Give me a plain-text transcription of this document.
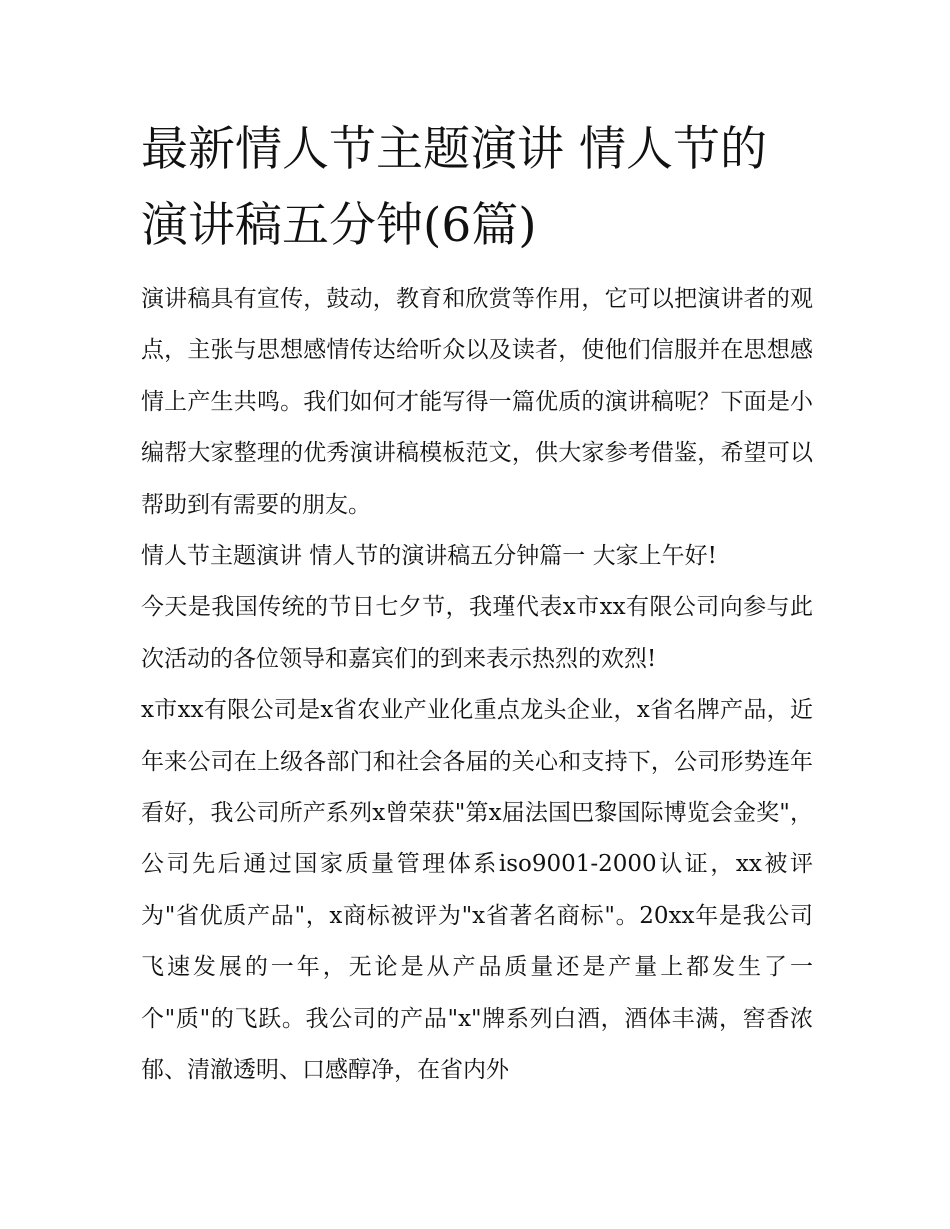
最新情人节主题演讲 情人节的演讲稿五分钟(6篇)

演讲稿具有宣传，鼓动，教育和欣赏等作用，它可以把演讲者的观点，主张与思想感情传达给听众以及读者，使他们信服并在思想感情上产生共鸣。我们如何才能写得一篇优质的演讲稿呢？下面是小编帮大家整理的优秀演讲稿模板范文，供大家参考借鉴，希望可以帮助到有需要的朋友。

情人节主题演讲 情人节的演讲稿五分钟篇一 大家上午好!

今天是我国传统的节日七夕节，我瑾代表x市xx有限公司向参与此次活动的各位领导和嘉宾们的到来表示热烈的欢烈!

x市xx有限公司是x省农业产业化重点龙头企业，x省名牌产品，近年来公司在上级各部门和社会各届的关心和支持下，公司形势连年看好，我公司所产系列x曾荣获"第x届法国巴黎国际博览会金奖"，公司先后通过国家质量管理体系iso9001-2000认证，xx被评为"省优质产品"，x商标被评为"x省著名商标"。20xx年是我公司飞速发展的一年，无论是从产品质量还是产量上都发生了一个"质"的飞跃。我公司的产品"x"牌系列白酒，酒体丰满，窖香浓郁、清澈透明、口感醇净，在省内外
